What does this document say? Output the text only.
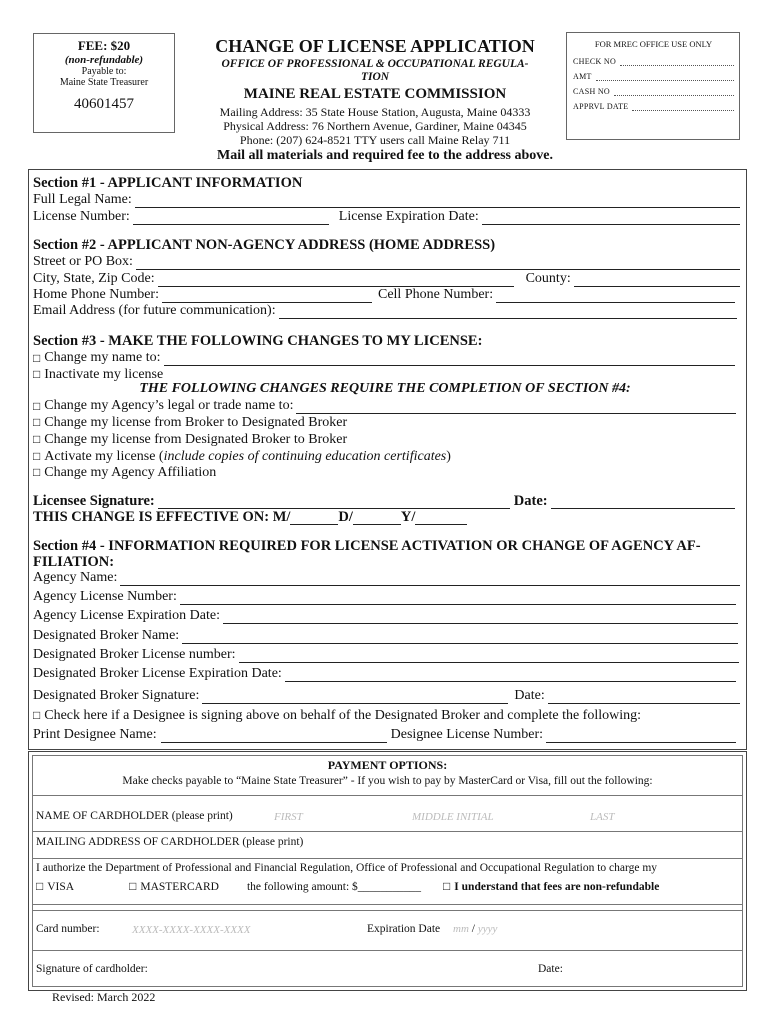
FEE: $20
(non-refundable)
Payable to:
Maine State Treasurer
40601457
CHANGE OF LICENSE APPLICATION
OFFICE OF PROFESSIONAL & OCCUPATIONAL REGULA-
TION
MAINE REAL ESTATE COMMISSION
Mailing Address: 35 State House Station, Augusta, Maine 04333
Physical Address: 76 Northern Avenue, Gardiner, Maine 04345
Phone: (207) 624-8521 TTY users call Maine Relay 711
FOR MREC OFFICE USE ONLY
CHECK NO
AMT
CASH NO
APPRVL DATE
Mail all materials and required fee to the address above.
Section #1 - APPLICANT INFORMATION
Full Legal Name:
License Number:	License Expiration Date:
Section #2 - APPLICANT NON-AGENCY ADDRESS (HOME ADDRESS)
Street or PO Box:
City, State, Zip Code:	County:
Home Phone Number:	Cell Phone Number:
Email Address (for future communication):
Section #3 - MAKE THE FOLLOWING CHANGES TO MY LICENSE:
□ Change my name to:
□ Inactivate my license
THE FOLLOWING CHANGES REQUIRE THE COMPLETION OF SECTION #4:
□ Change my Agency’s legal or trade name to:
□ Change my license from Broker to Designated Broker
□ Change my license from Designated Broker to Broker
□ Activate my license (include copies of continuing education certificates)
□ Change my Agency Affiliation
Licensee Signature:	Date:
THIS CHANGE IS EFFECTIVE ON: M/	D/	Y/
Section #4 - INFORMATION REQUIRED FOR LICENSE ACTIVATION OR CHANGE OF AGENCY AF-
FILIATION:
Agency Name:
Agency License Number:
Agency License Expiration Date:
Designated Broker Name:
Designated Broker License number:
Designated Broker License Expiration Date:
Designated Broker Signature:	Date:
□ Check here if a Designee is signing above on behalf of the Designated Broker and complete the following:
Print Designee Name:	Designee License Number:
PAYMENT OPTIONS:
Make checks payable to “Maine State Treasurer” - If you wish to pay by MasterCard or Visa, fill out the following:
NAME OF CARDHOLDER (please print)	FIRST	MIDDLE INITIAL	LAST
MAILING ADDRESS OF CARDHOLDER (please print)
I authorize the Department of Professional and Financial Regulation, Office of Professional and Occupational Regulation to charge my
□ VISA	□ MASTERCARD the following amount: $ ___________ □ I understand that fees are non-refundable
Card number:	XXXX-XXXX-XXXX-XXXX	Expiration Date mm / yyyy
Signature of cardholder:	Date:
Revised: March 2022
